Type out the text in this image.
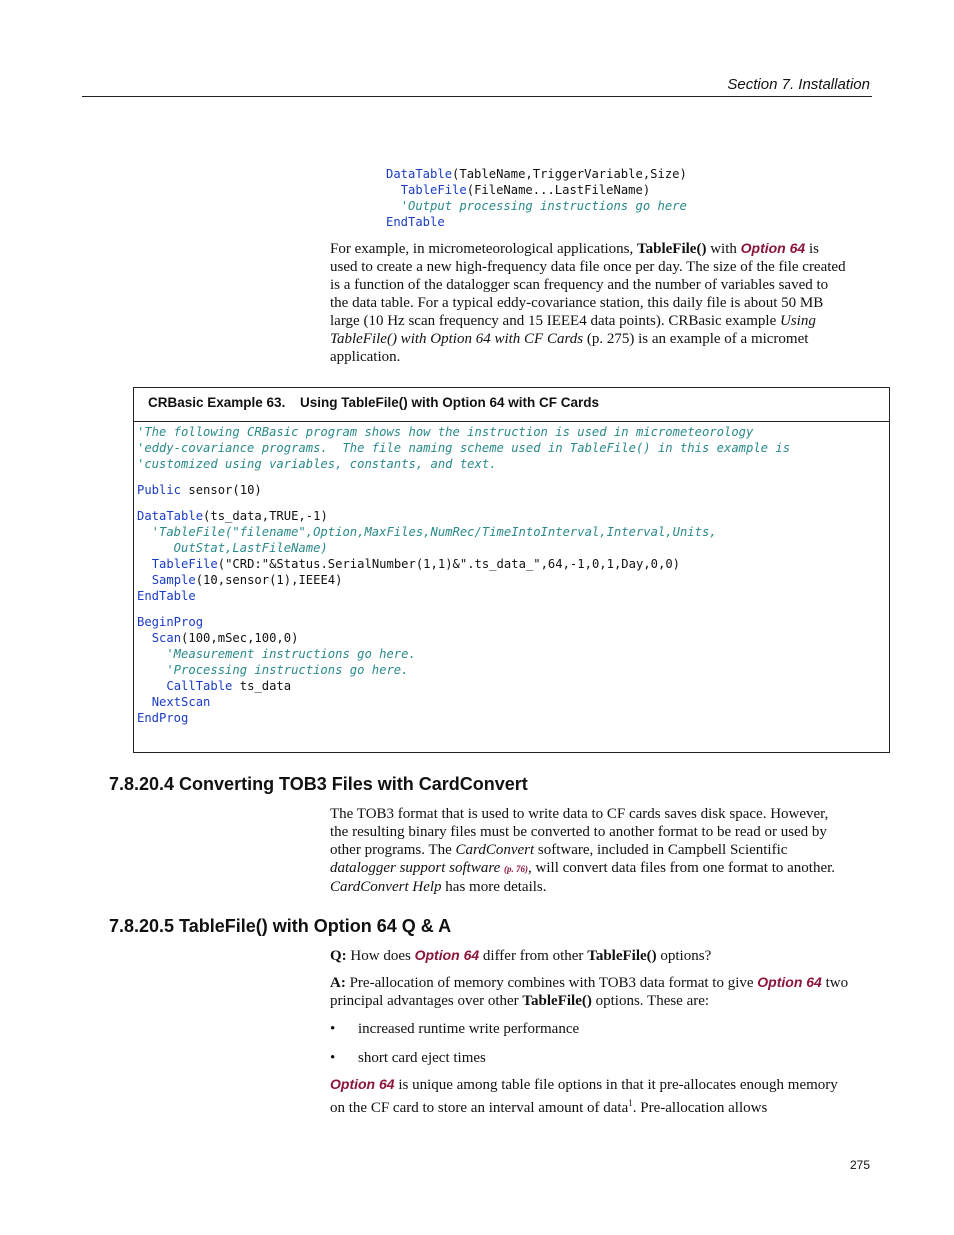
Section 7. Installation
DataTable(TableName,TriggerVariable,Size)
TableFile(FileName...LastFileName)
'Output processing instructions go here
EndTable

For example, in micrometeorological applications, TableFile() with Option 64 is used to create a new high-frequency data file once per day. The size of the file created is a function of the datalogger scan frequency and the number of variables saved to the data table. For a typical eddy-covariance station, this daily file is about 50 MB large (10 Hz scan frequency and 15 IEEE4 data points). CRBasic example Using TableFile() with Option 64 with CF Cards (p. 275) is an example of a micromet application.

CRBasic Example 63. Using TableFile() with Option 64 with CF Cards
'The following CRBasic program shows how the instruction is used in micrometeorology
'eddy-covariance programs.  The file naming scheme used in TableFile() in this example is
'customized using variables, constants, and text.

Public sensor(10)

DataTable(ts_data,TRUE,-1)
'TableFile("filename",Option,MaxFiles,NumRec/TimeIntoInterval,Interval,Units,
OutStat,LastFileName)
TableFile("CRD:"&Status.SerialNumber(1,1)&".ts_data_",64,-1,0,1,Day,0,0)
Sample(10,sensor(1),IEEE4)
EndTable

BeginProg
Scan(100,mSec,100,0)
'Measurement instructions go here.
'Processing instructions go here.
CallTable ts_data
NextScan
EndProg
7.8.20.4 Converting TOB3 Files with CardConvert

The TOB3 format that is used to write data to CF cards saves disk space. However, the resulting binary files must be converted to another format to be read or used by other programs. The CardConvert software, included in Campbell Scientific datalogger support software (p. 76), will convert data files from one format to another. CardConvert Help has more details.

7.8.20.5 TableFile() with Option 64 Q & A

Q: How does Option 64 differ from other TableFile() options?

A: Pre-allocation of memory combines with TOB3 data format to give Option 64 two principal advantages over other TableFile() options. These are:

• increased runtime write performance
• short card eject times

Option 64 is unique among table file options in that it pre-allocates enough memory on the CF card to store an interval amount of data$^1$. Pre-allocation allows

275
